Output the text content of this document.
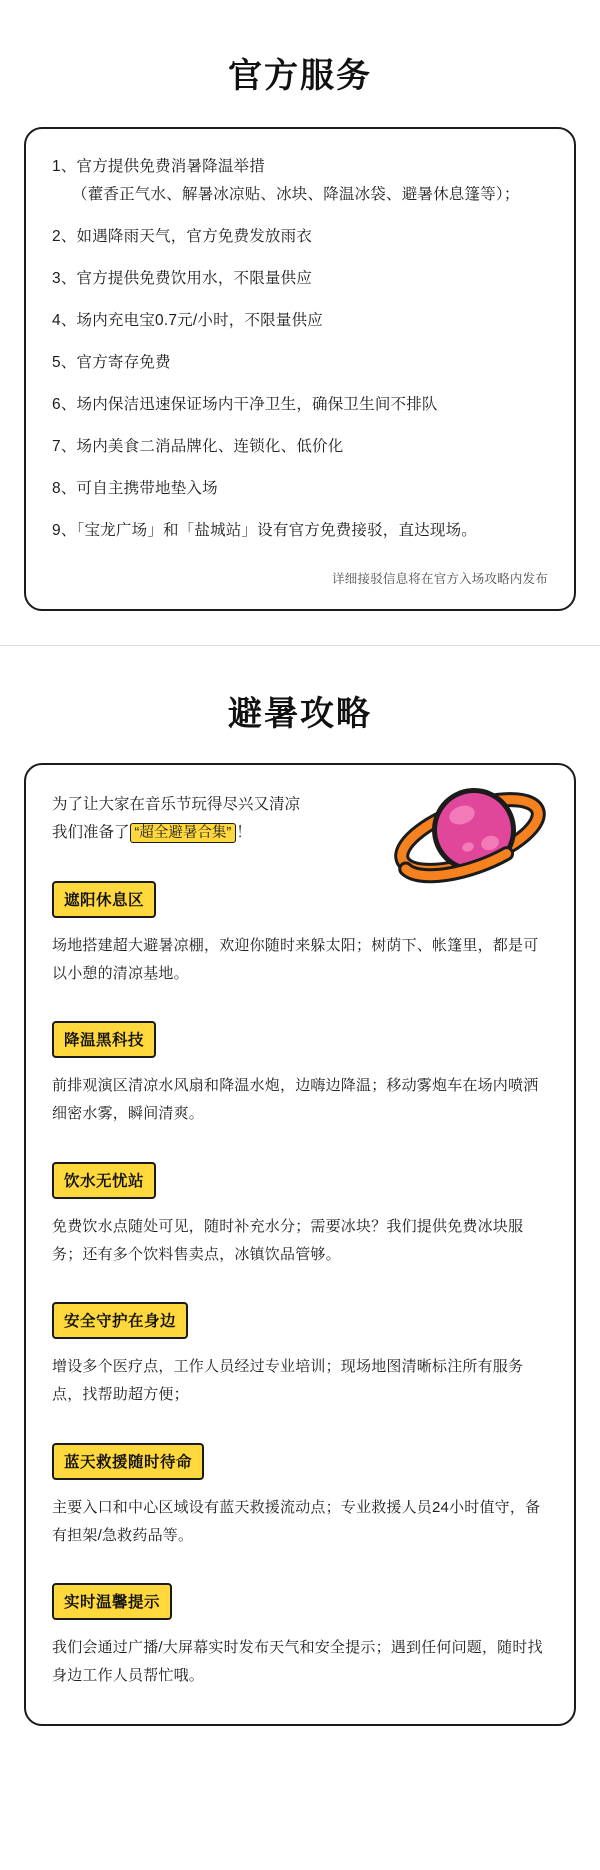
官方服务
1、官方提供免费消暑降温举措
（藿香正气水、解暑冰凉贴、冰块、降温冰袋、避暑休息篷等）；
2、如遇降雨天气，官方免费发放雨衣
3、官方提供免费饮用水，不限量供应
4、场内充电宝0.7元/小时，不限量供应
5、官方寄存免费
6、场内保洁迅速保证场内干净卫生，确保卫生间不排队
7、场内美食二消品牌化、连锁化、低价化
8、可自主携带地垫入场
9、「宝龙广场」和「盐城站」设有官方免费接驳，直达现场。
详细接驳信息将在官方入场攻略内发布
避暑攻略
为了让大家在音乐节玩得尽兴又清凉
我们准备了 “超全避暑合集” ！
遮阳休息区

场地搭建超大避暑凉棚，欢迎你随时来躲太阳；树荫下、帐篷里，都是可以小憩的清凉基地。

降温黑科技

前排观演区清凉水风扇和降温水炮，边嗨边降温；移动雾炮车在场内喷洒细密水雾，瞬间清爽。

饮水无忧站

免费饮水点随处可见，随时补充水分；需要冰块？我们提供免费冰块服务；还有多个饮料售卖点，冰镇饮品管够。

安全守护在身边

增设多个医疗点，工作人员经过专业培训；现场地图清晰标注所有服务点，找帮助超方便；

蓝天救援随时待命

主要入口和中心区域设有蓝天救援流动点；专业救援人员24小时值守，备有担架/急救药品等。

实时温馨提示

我们会通过广播/大屏幕实时发布天气和安全提示；遇到任何问题，随时找身边工作人员帮忙哦。
